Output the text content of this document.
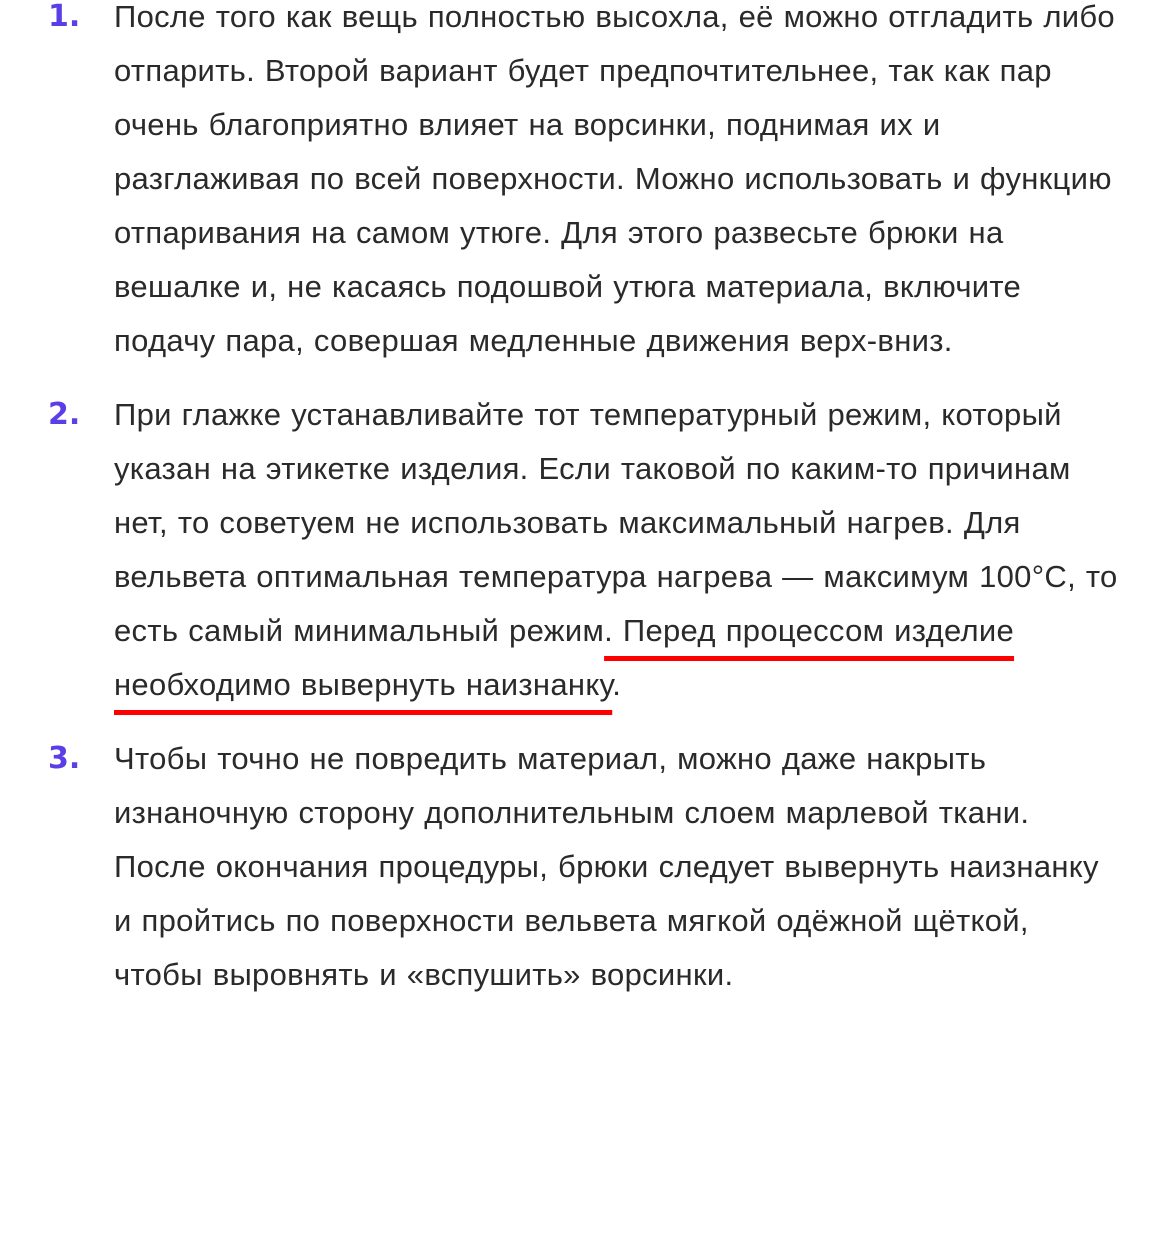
1. После того как вещь полностью высохла, её можно отгладить либо отпарить. Второй вариант будет предпочтительнее, так как пар очень благоприятно влияет на ворсинки, поднимая их и разглаживая по всей поверхности. Можно использовать и функцию отпаривания на самом утюге. Для этого развесьте брюки на вешалке и, не касаясь подошвой утюга материала, включите подачу пара, совершая медленные движения верх-вниз.
2. При глажке устанавливайте тот температурный режим, который указан на этикетке изделия. Если таковой по каким-то причинам нет, то советуем не использовать максимальный нагрев. Для вельвета оптимальная температура нагрева — максимум 100°C, то есть самый минимальный режим. Перед процессом изделие необходимо вывернуть наизнанку.
3. Чтобы точно не повредить материал, можно даже накрыть изнаночную сторону дополнительным слоем марлевой ткани. После окончания процедуры, брюки следует вывернуть наизнанку и пройтись по поверхности вельвета мягкой одёжной щёткой, чтобы выровнять и «вспушить» ворсинки.
